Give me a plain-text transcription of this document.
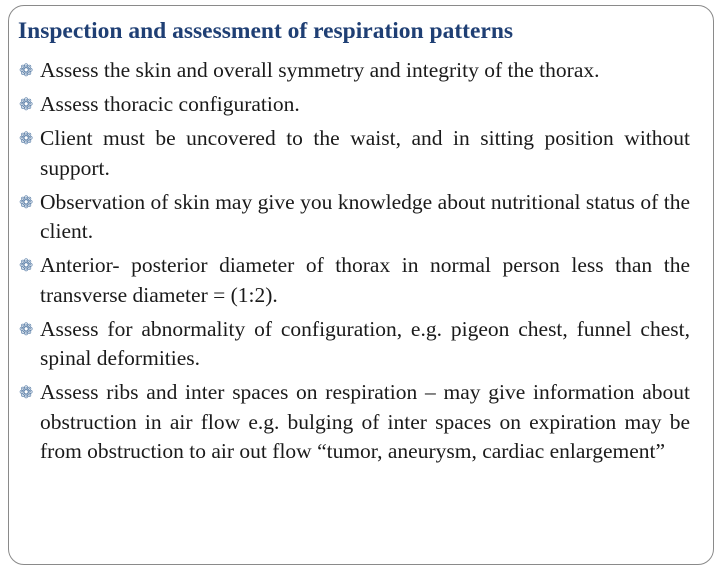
Inspection and assessment of respiration patterns
❁ Assess the skin and overall symmetry and integrity of the thorax.
❁ Assess thoracic configuration.
❁ Client must be uncovered to the waist, and in sitting position without support.
❁ Observation of skin may give you knowledge about nutritional status of the client.
❁ Anterior- posterior diameter of thorax in normal person less than the transverse diameter = (1:2).
❁ Assess for abnormality of configuration, e.g. pigeon chest, funnel chest, spinal deformities.
❁ Assess ribs and inter spaces on respiration – may give information about obstruction in air flow e.g. bulging of inter spaces on expiration may be from obstruction to air out flow “tumor, aneurysm, cardiac enlargement”
